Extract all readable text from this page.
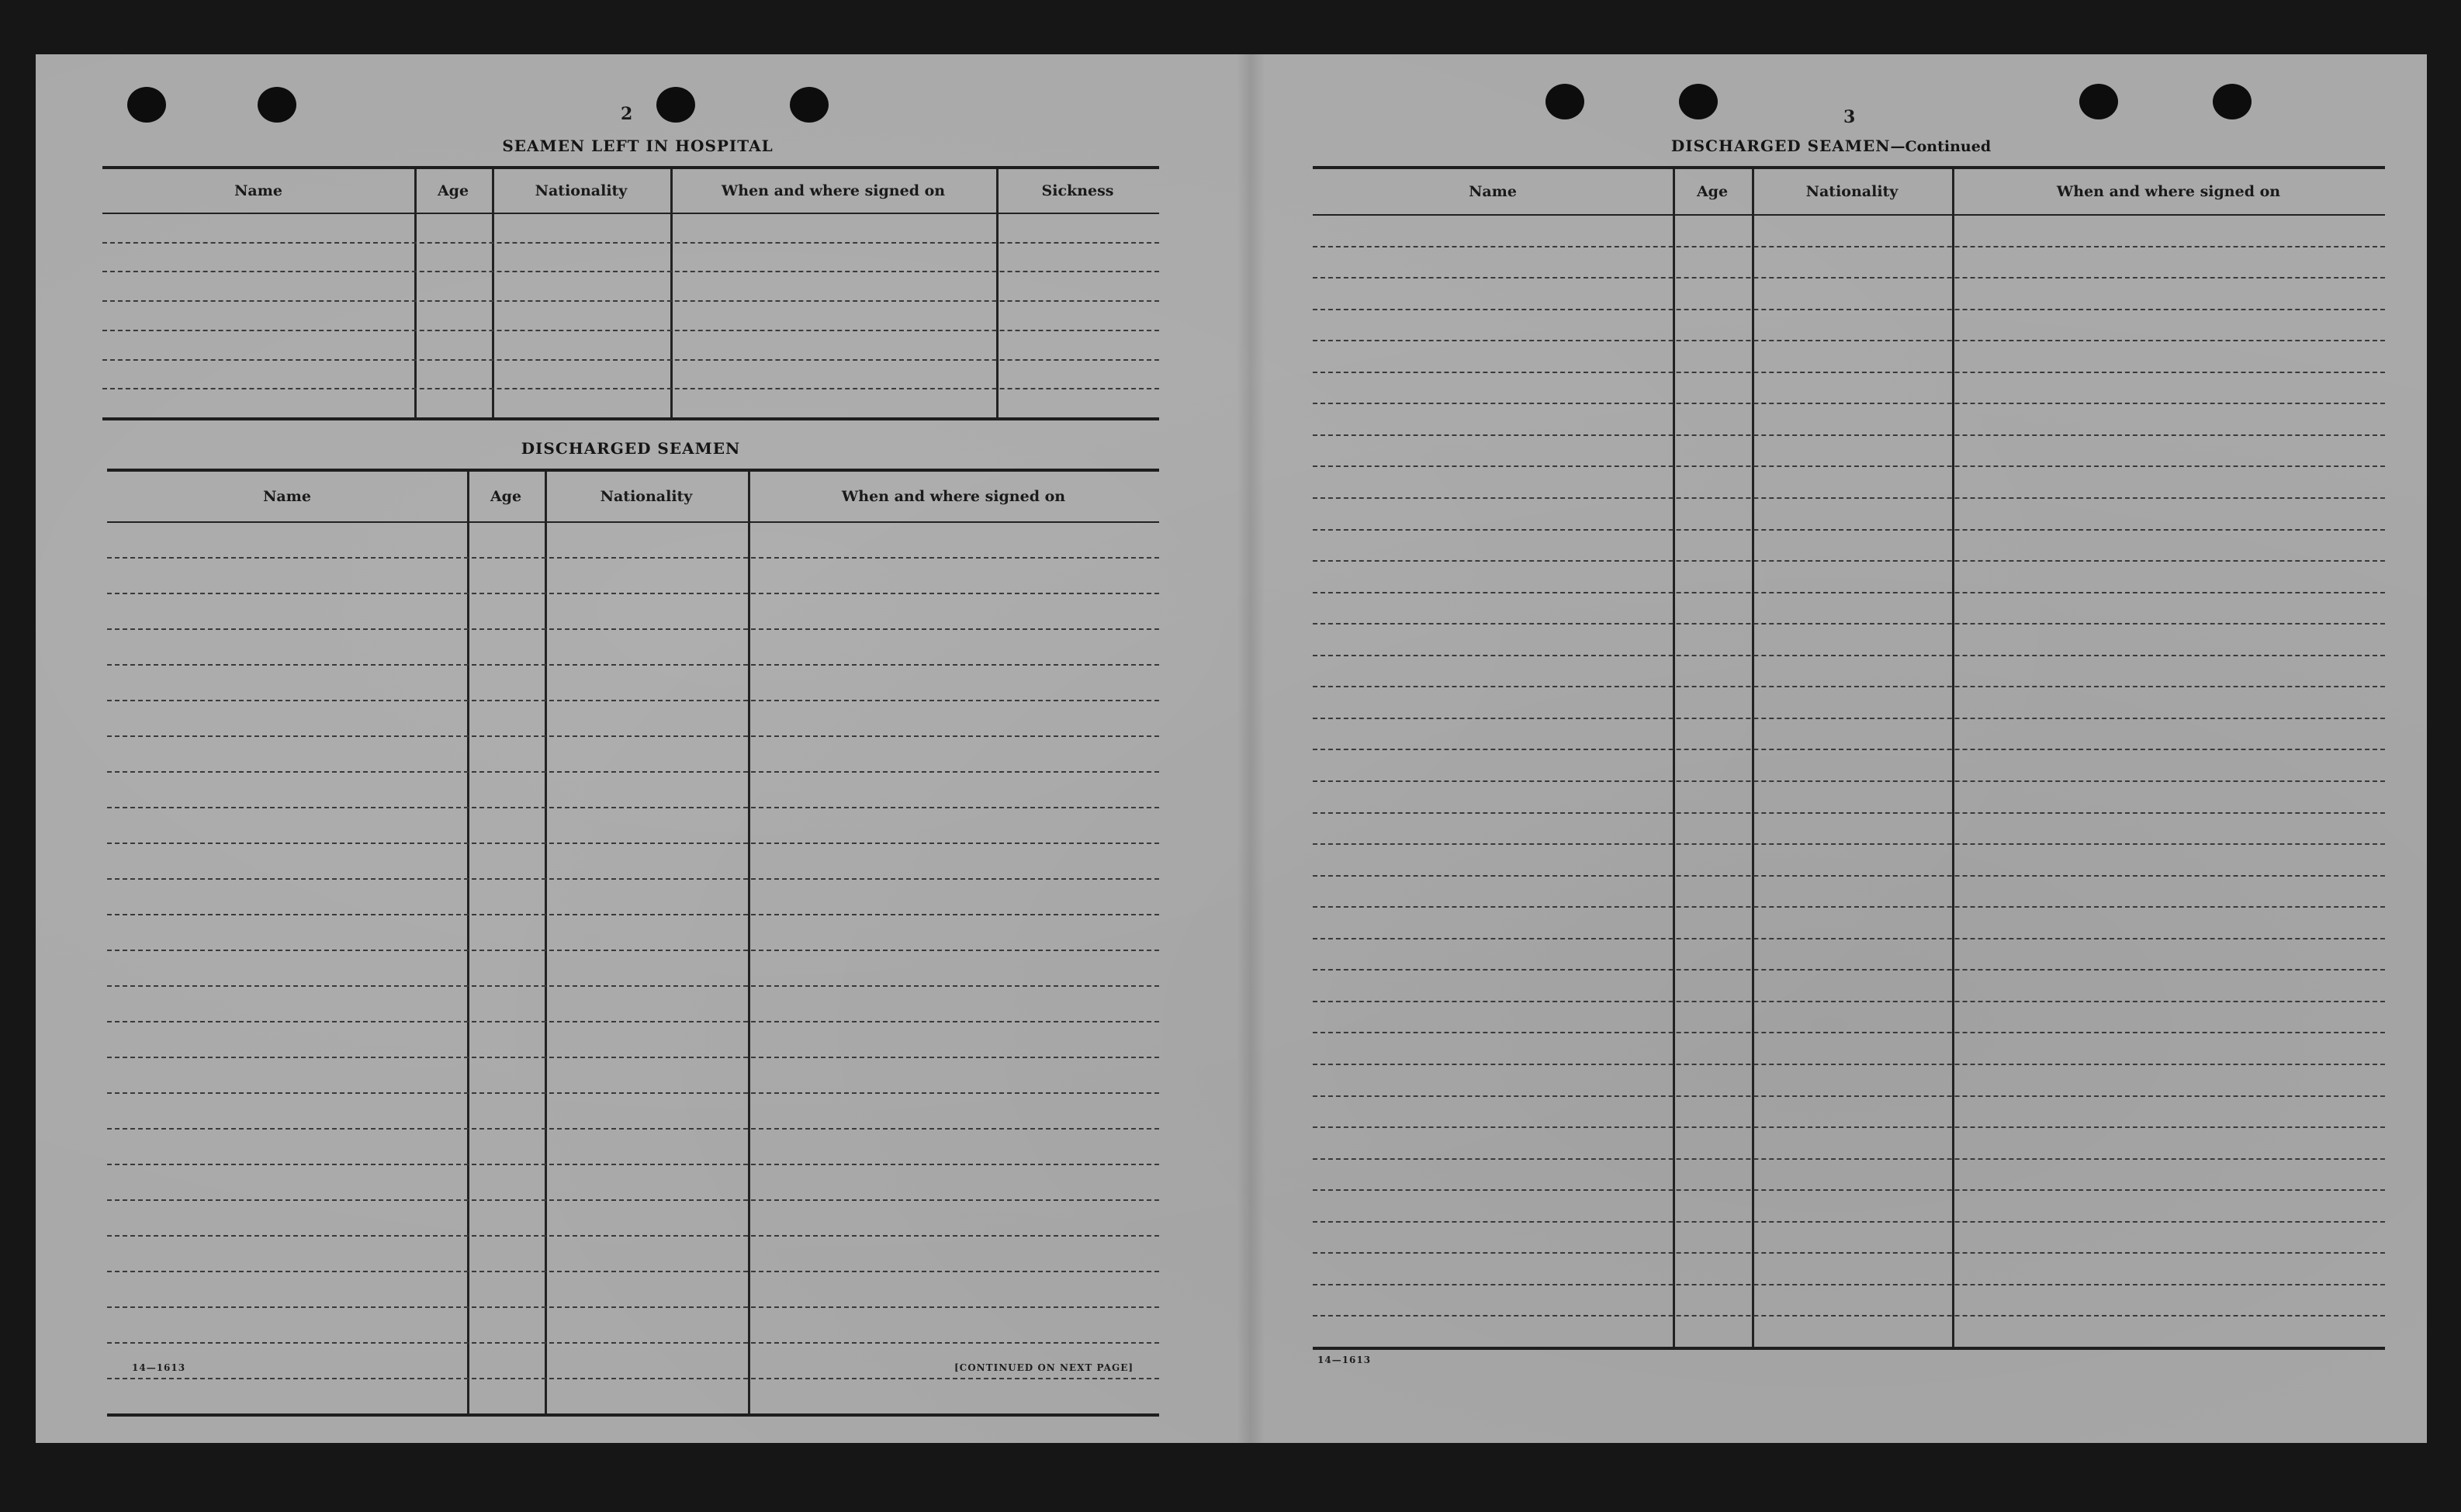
2
SEAMEN LEFT IN HOSPITAL
Name	Age	Nationality	When and where signed on	Sickness
DISCHARGED SEAMEN
Name	Age	Nationality	When and where signed on
14—1613	[CONTINUED ON NEXT PAGE]
3
DISCHARGED SEAMEN—Continued
Name	Age	Nationality	When and where signed on
14—1613
